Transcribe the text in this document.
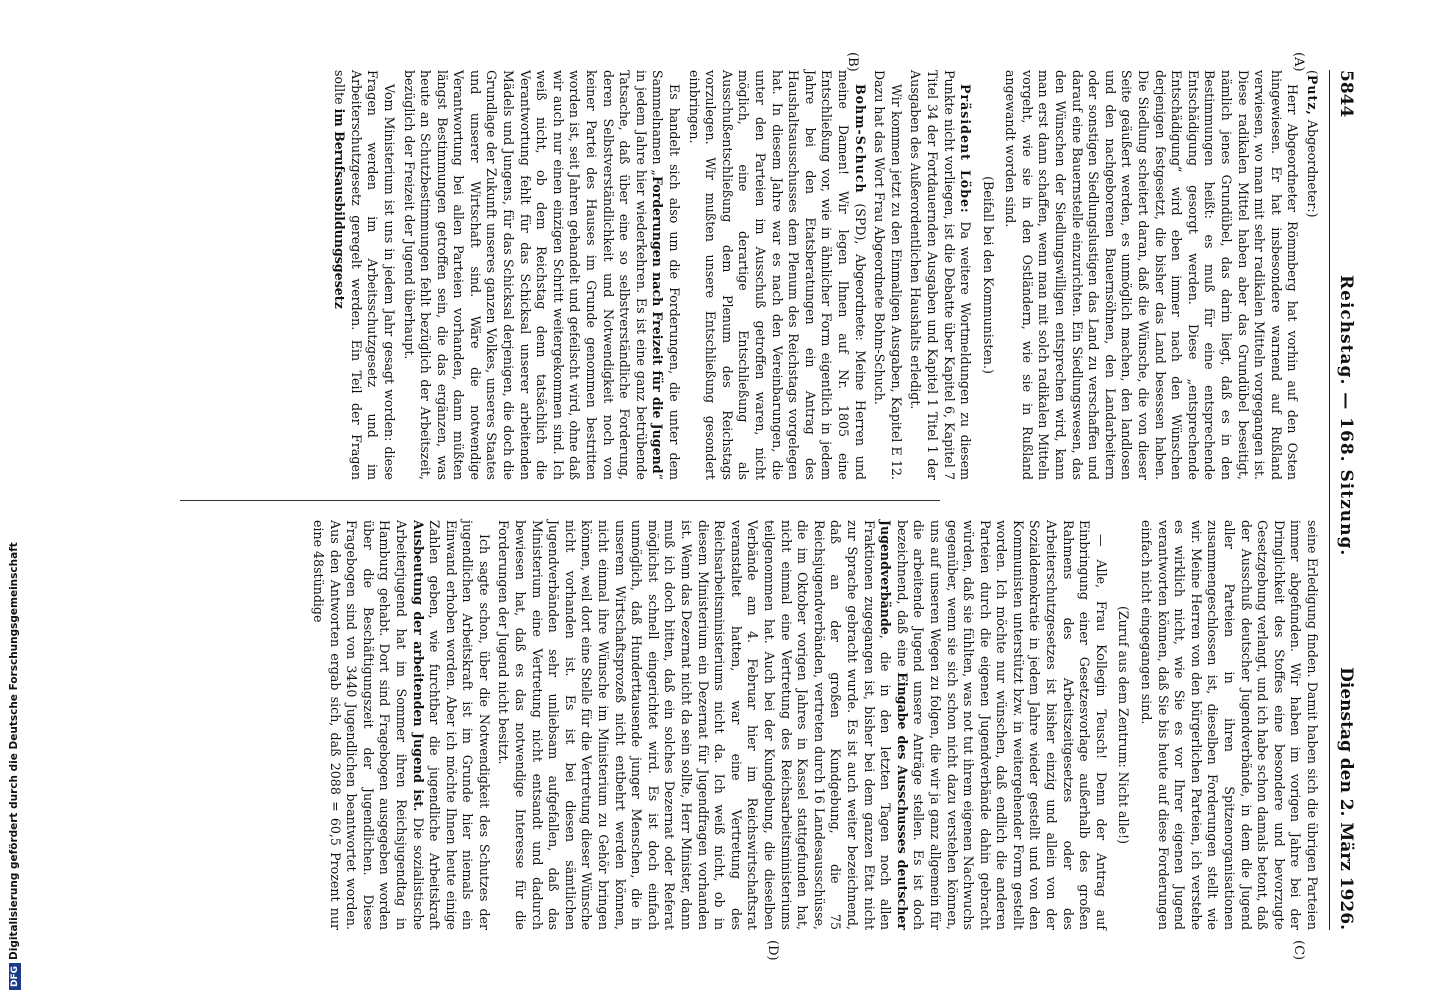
5844
Reichstag. — 168. Sitzung.
Dienstag den 2. März 1926.
(A)
(B)
(C)
(D)

(Putz, Abgeordneter:)

Herr Abgeordneter Römmberg hat vorhin auf den Osten hingewiesen. Er hat insbesondere warnend auf Rußland verwiesen, wo man mit sehr radikalen Mitteln vorgegangen ist. Diese radikalen Mittel haben aber das Grundübel beseitigt, nämlich jenes Grundübel, das darin liegt, daß es in den Bestimmungen heißt: es muß für eine entsprechende Entschädigung gesorgt werden. Diese „entsprechende Entschädigung“ wird eben immer nach den Wünschen derjenigen festgesetzt, die bisher das Land besessen haben. Die Siedlung scheitert daran, daß die Wünsche, die von dieser Seite geäußert werden, es unmöglich machen, den landlosen und den nachgeborenen Bauernsöhnen, den Landarbeitern oder sonstigen Siedlungslustigen das Land zu verschaffen und darauf eine Bauernstelle einzurichten. Ein Siedlungswesen, das den Wünschen der Siedlungswilligen entsprechen wird, kann man erst dann schaffen, wenn man mit solch radikalen Mitteln vorgeht, wie sie in den Ostländern, wie sie in Rußland angewandt worden sind.

(Beifall bei den Kommunisten.)

Präsident Löbe: Da weitere Wortmeldungen zu diesem Punkte nicht vorliegen, ist die Debatte über Kapitel 6, Kapitel 7 Titel 34 der Fortdauernden Ausgaben und Kapitel 1 Titel 1 der Ausgaben des Außerordentlichen Haushalts erledigt.

Wir kommen jetzt zu den Einmaligen Ausgaben, Kapitel E 12. Dazu hat das Wort Frau Abgeordnete Bohm-Schuch.

Bohm-Schuch (SPD), Abgeordnete: Meine Herren und meine Damen! Wir legen Ihnen auf Nr. 1805 eine Entschließung vor, wie in ähnlicher Form eigentlich in jedem Jahre bei den Etatsberatungen ein Antrag des Haushaltsausschusses dem Plenum des Reichstags vorgelegen hat. In diesem Jahre war es nach den Vereinbarungen, die unter den Parteien im Ausschuß getroffen waren, nicht möglich, eine derartige Entschließung als Ausschußentschließung dem Plenum des Reichstags vorzulegen. Wir mußten unsere Entschließung gesondert einbringen.

Es handelt sich also um die Forderungen, die unter dem Sammelnamen „Forderungen nach Freizeit für die Jugend“ in jedem Jahre hier wiederkehren. Es ist eine ganz betrübende Tatsache, daß über eine so selbstverständliche Forderung, deren Selbstverständlichkeit und Notwendigkeit noch von keiner Partei des Hauses im Grunde genommen bestritten worden ist, seit Jahren gehandelt und gefeilscht wird, ohne daß wir auch nur einen einzigen Schritt weitergekommen sind. Ich weiß nicht, ob dem Reichstag denn tatsächlich die Verantwortung fehlt für das Schicksal unserer arbeitenden Mädels und Jungens, für das Schicksal derjenigen, die doch die Grundlage der Zukunft unseres ganzen Volkes, unseres Staates und unserer Wirtschaft sind. Wäre die notwendige Verantwortung bei allen Parteien vorhanden, dann müßten längst Bestimmungen getroffen sein, die das ergänzen, was heute an Schutzbestimmungen fehlt bezüglich der Arbeitszeit, bezüglich der Freizeit der Jugend überhaupt.

Vom Ministerium ist uns in jedem Jahr gesagt worden: diese Fragen werden im Arbeitsschutzgesetz und im Arbeiterschutzgesetz geregelt werden. Ein Teil der Fragen sollte im Berufsausbildungsgesetz

seine Erledigung finden. Damit haben sich die übrigen Parteien immer abgefunden. Wir haben im vorigen Jahre bei der Dringlichkeit des Stoffes eine besondere und bevorzugte Gesetzgebung verlangt, und ich habe schon damals betont, daß der Ausschuß deutscher Jugendverbände, in dem die Jugend aller Parteien in ihren Spitzenorganisationen zusammengeschlossen ist, dieselben Forderungen stellt wie wir. Meine Herren von den bürgerlichen Parteien, ich verstehe es wirklich nicht, wie Sie es vor Ihrer eigenen Jugend verantworten können, daß Sie bis heute auf diese Forderungen einfach nicht eingegangen sind.

(Zuruf aus dem Zentrum: Nicht alle!)

— Alle, Frau Kollegin Teusch! Denn der Antrag auf Einbringung einer Gesetzesvorlage außerhalb des großen Rahmens des Arbeitszeitgesetzes oder des Arbeiterschutzgesetzes ist bisher einzig und allein von der Sozialdemokratie in jedem Jahre wieder gestellt und von den Kommunisten unterstützt bzw. in weitergehender Form gestellt worden. Ich möchte nur wünschen, daß endlich die anderen Parteien durch die eigenen Jugendverbände dahin gebracht würden, daß sie fühlten, was not tut ihrem eigenen Nachwuchs gegenüber, wenn sie sich schon nicht dazu verstehen können, uns auf unseren Wegen zu folgen, die wir ja ganz allgemein für die arbeitende Jugend unsere Anträge stellen. Es ist doch bezeichnend, daß eine Eingabe des Ausschusses deutscher Jugendverbände, die in den letzten Tagen noch allen Fraktionen zugegangen ist, bisher bei dem ganzen Etat nicht zur Sprache gebracht wurde. Es ist auch weiter bezeichnend, daß an der großen Kundgebung, die 75 Reichsjugendverbänden, vertreten durch 16 Landesausschüsse, die im Oktober vorigen Jahres in Kassel stattgefunden hat, nicht einmal eine Vertretung des Reichsarbeitsministeriums teilgenommen hat. Auch bei der Kundgebung, die dieselben Verbände am 4. Februar hier im Reichswirtschaftsrat veranstaltet hatten, war eine Vertretung des Reichsarbeitsministeriums nicht da. Ich weiß nicht, ob in diesem Ministerium ein Dezernat für Jugendfragen vorhanden ist. Wenn das Dezernat nicht da sein sollte, Herr Minister, dann muß ich doch bitten, daß ein solches Dezernat oder Referat möglichst schnell eingerichtet wird. Es ist doch einfach unmöglich, daß Hunderttausende junger Menschen, die in unserem Wirtschaftsprozeß nicht entbehrt werden können, nicht einmal ihre Wünsche im Ministerium zu Gehör bringen können, weil dort eine Stelle für die Vertretung dieser Wünsche nicht vorhanden ist. Es ist bei diesen sämtlichen Jugendverbänden sehr unliebsam aufgefallen, daß das Ministerium eine Vertretung nicht entsandt und dadurch bewiesen hat, daß es das notwendige Interesse für die Forderungen der Jugend nicht besitzt.

Ich sagte schon, über die Notwendigkeit des Schutzes der jugendlichen Arbeitskraft ist im Grunde hier niemals ein Einwand erhoben worden. Aber ich möchte Ihnen heute einige Zahlen geben, wie furchtbar die jugendliche Arbeitskraft Ausbeutung der arbeitenden Jugend ist. Die sozialistische Arbeiterjugend hat im Sommer ihren Reichsjugendtag in Hamburg gehabt. Dort sind Fragebogen ausgegeben worden über die Beschäftigungszeit der Jugendlichen. Diese Fragebogen sind von 3440 Jugendlichen beantwortet worden. Aus den Antworten ergab sich, daß 2088 = 60,5 Prozent nur eine 48stündige

DFGDigitalisierung gefördert durch die Deutsche Forschungsgemeinschaft
